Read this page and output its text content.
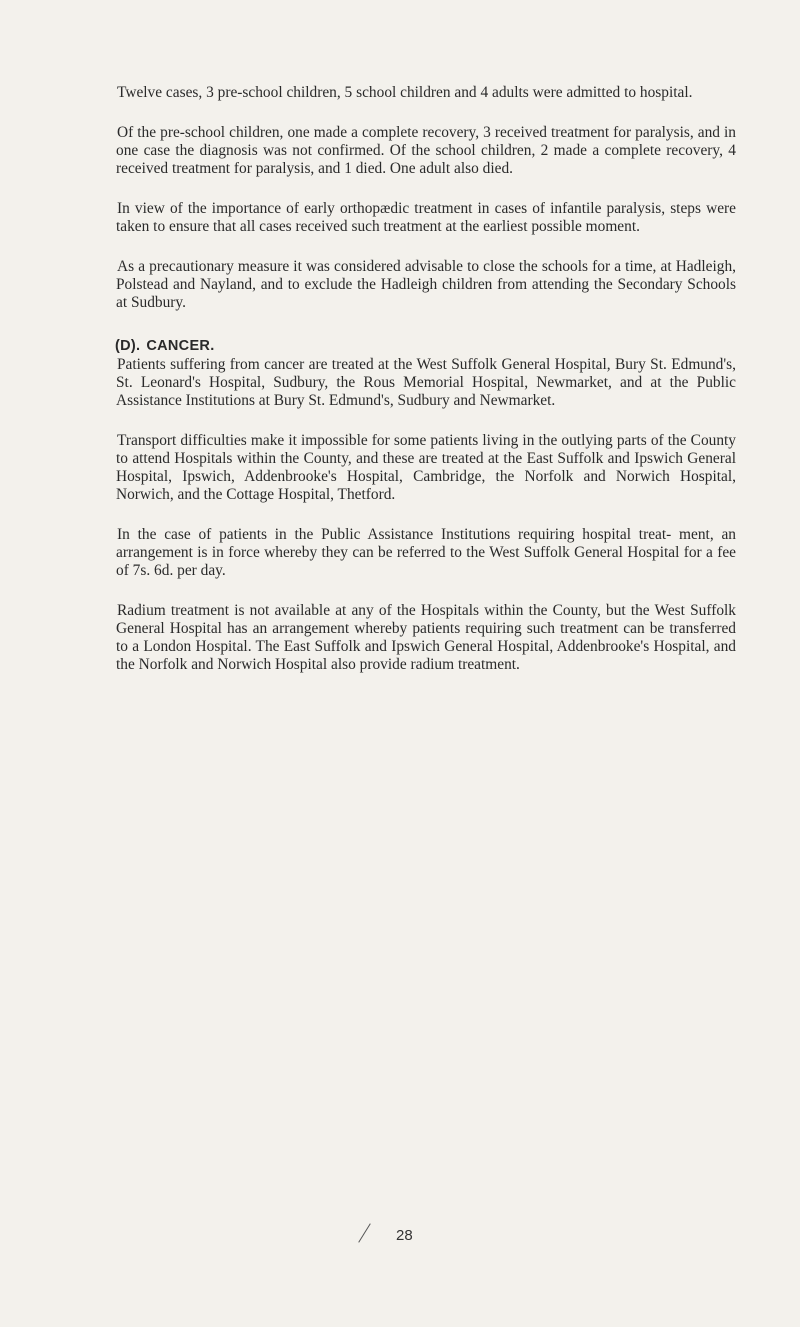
Twelve cases, 3 pre-school children, 5 school children and 4 adults were admitted to hospital.

Of the pre-school children, one made a complete recovery, 3 received treatment for paralysis, and in one case the diagnosis was not confirmed. Of the school children, 2 made a complete recovery, 4 received treatment for paralysis, and 1 died. One adult also died.

In view of the importance of early orthopædic treatment in cases of infantile paralysis, steps were taken to ensure that all cases received such treatment at the earliest possible moment.

As a precautionary measure it was considered advisable to close the schools for a time, at Hadleigh, Polstead and Nayland, and to exclude the Hadleigh children from attending the Secondary Schools at Sudbury.

(D). CANCER.

Patients suffering from cancer are treated at the West Suffolk General Hospital, Bury St. Edmund's, St. Leonard's Hospital, Sudbury, the Rous Memorial Hospital, Newmarket, and at the Public Assistance Institutions at Bury St. Edmund's, Sudbury and Newmarket.

Transport difficulties make it impossible for some patients living in the outlying parts of the County to attend Hospitals within the County, and these are treated at the East Suffolk and Ipswich General Hospital, Ipswich, Addenbrooke's Hospital, Cambridge, the Norfolk and Norwich Hospital, Norwich, and the Cottage Hospital, Thetford.

In the case of patients in the Public Assistance Institutions requiring hospital treat- ment, an arrangement is in force whereby they can be referred to the West Suffolk General Hospital for a fee of 7s. 6d. per day.

Radium treatment is not available at any of the Hospitals within the County, but the West Suffolk General Hospital has an arrangement whereby patients requiring such treatment can be transferred to a London Hospital. The East Suffolk and Ipswich General Hospital, Addenbrooke's Hospital, and the Norfolk and Norwich Hospital also provide radium treatment.

28
